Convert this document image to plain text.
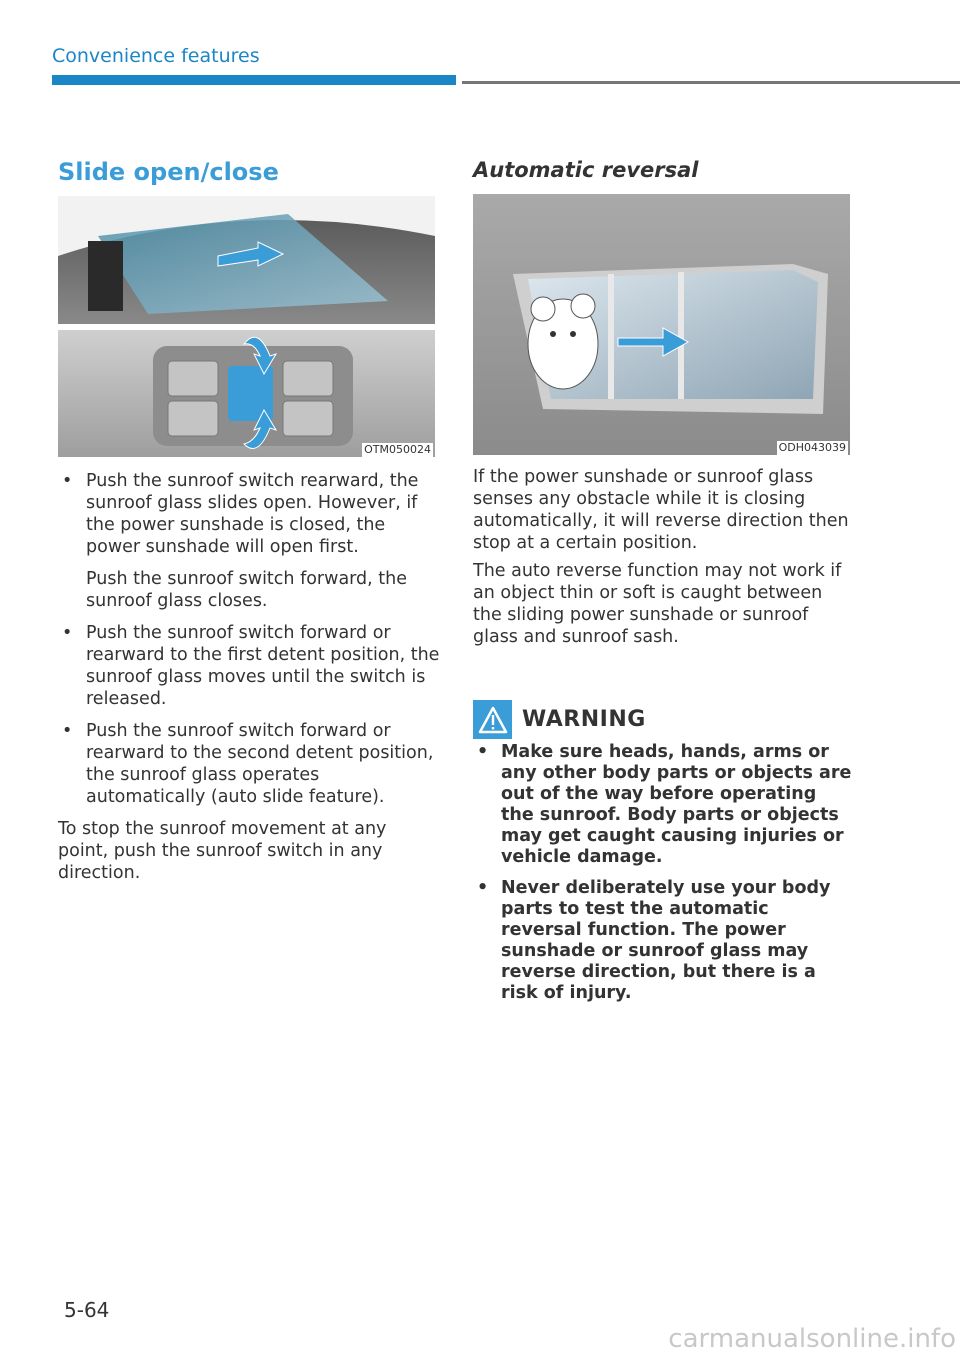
Convenience features
Slide open/close
OTM050024
• Push the sunroof switch rearward, the sunroof glass slides open. However, if the power sunshade is closed, the power sunshade will open first.
Push the sunroof switch forward, the sunroof glass closes.
• Push the sunroof switch forward or rearward to the first detent position, the sunroof glass moves until the switch is released.
• Push the sunroof switch forward or rearward to the second detent position, the sunroof glass operates automatically (auto slide feature).
To stop the sunroof movement at any point, push the sunroof switch in any direction.
Automatic reversal
ODH043039
If the power sunshade or sunroof glass senses any obstacle while it is closing automatically, it will reverse direction then stop at a certain position.
The auto reverse function may not work if an object thin or soft is caught between the sliding power sunshade or sunroof glass and sunroof sash.
WARNING
• Make sure heads, hands, arms or any other body parts or objects are out of the way before operating the sunroof. Body parts or objects may get caught causing injuries or vehicle damage.
• Never deliberately use your body parts to test the automatic reversal function. The power sunshade or sunroof glass may reverse direction, but there is a risk of injury.
5-64
carmanualsonline.info
